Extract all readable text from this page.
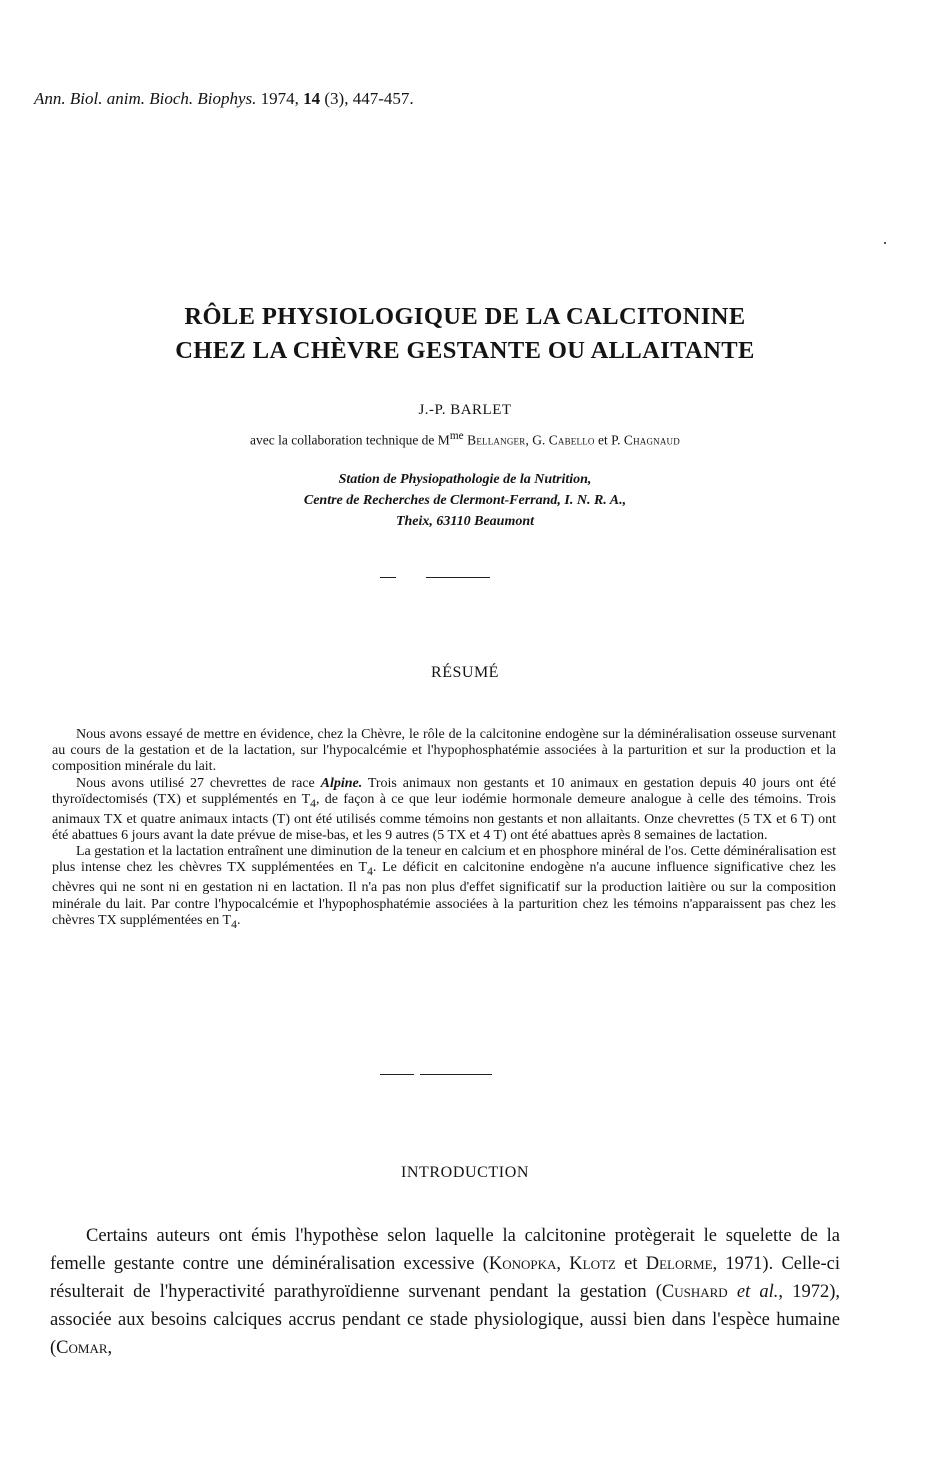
Ann. Biol. anim. Bioch. Biophys. 1974, 14 (3), 447-457.
RÔLE PHYSIOLOGIQUE DE LA CALCITONINE
CHEZ LA CHÈVRE GESTANTE OU ALLAITANTE
J.-P. BARLET
avec la collaboration technique de $M^{me}$ Bellanger, G. Cabello et P. Chagnaud
Station de Physiopathologie de la Nutrition,
Centre de Recherches de Clermont-Ferrand, I. N. R. A.,
Theix, 63110 Beaumont
RÉSUMÉ

Nous avons essayé de mettre en évidence, chez la Chèvre, le rôle de la calcitonine endogène sur la déminéralisation osseuse survenant au cours de la gestation et de la lactation, sur l'hypocalcémie et l'hypophosphatémie associées à la parturition et sur la production et la composition minérale du lait.

Nous avons utilisé 27 chevrettes de race Alpine. Trois animaux non gestants et 10 animaux en gestation depuis 40 jours ont été thyroïdectomisés (TX) et supplémentés en $T_4$, de façon à ce que leur iodémie hormonale demeure analogue à celle des témoins. Trois animaux TX et quatre animaux intacts (T) ont été utilisés comme témoins non gestants et non allaitants. Onze chevrettes (5 TX et 6 T) ont été abattues 6 jours avant la date prévue de mise-bas, et les 9 autres (5 TX et 4 T) ont été abattues après 8 semaines de lactation.

La gestation et la lactation entraînent une diminution de la teneur en calcium et en phosphore minéral de l'os. Cette déminéralisation est plus intense chez les chèvres TX supplémentées en $T_4$. Le déficit en calcitonine endogène n'a aucune influence significative chez les chèvres qui ne sont ni en gestation ni en lactation. Il n'a pas non plus d'effet significatif sur la production laitière ou sur la composition minérale du lait. Par contre l'hypocalcémie et l'hypophosphatémie associées à la parturition chez les témoins n'apparaissent pas chez les chèvres TX supplémentées en $T_4$.

INTRODUCTION

Certains auteurs ont émis l'hypothèse selon laquelle la calcitonine protègerait le squelette de la femelle gestante contre une déminéralisation excessive (Konopka, Klotz et Delorme, 1971). Celle-ci résulterait de l'hyperactivité parathyroïdienne survenant pendant la gestation (Cushard et al., 1972), associée aux besoins calciques accrus pendant ce stade physiologique, aussi bien dans l'espèce humaine (Comar,
